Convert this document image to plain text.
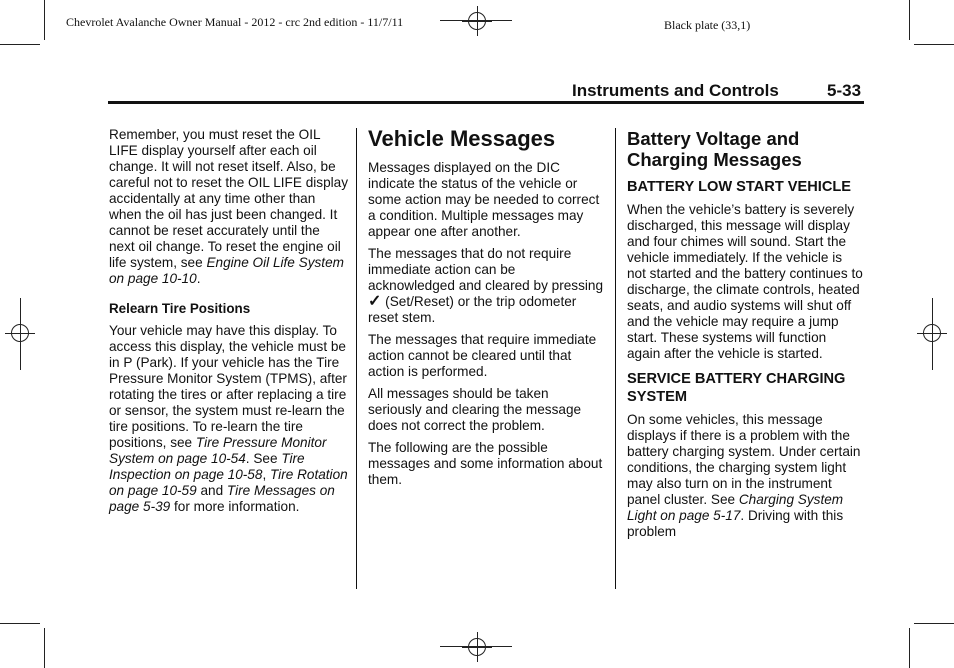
Chevrolet Avalanche Owner Manual - 2012 - crc 2nd edition - 11/7/11	Black plate (33,1)
Instruments and Controls	5-33

Remember, you must reset the OIL LIFE display yourself after each oil change. It will not reset itself. Also, be careful not to reset the OIL LIFE display accidentally at any time other than when the oil has just been changed. It cannot be reset accurately until the next oil change. To reset the engine oil life system, see Engine Oil Life System on page 10-10.

Relearn Tire Positions

Your vehicle may have this display. To access this display, the vehicle must be in P (Park). If your vehicle has the Tire Pressure Monitor System (TPMS), after rotating the tires or after replacing a tire or sensor, the system must re-learn the tire positions. To re-learn the tire positions, see Tire Pressure Monitor System on page 10-54. See Tire Inspection on page 10-58, Tire Rotation on page 10-59 and Tire Messages on page 5-39 for more information.

Vehicle Messages

Messages displayed on the DIC indicate the status of the vehicle or some action may be needed to correct a condition. Multiple messages may appear one after another.

The messages that do not require immediate action can be acknowledged and cleared by pressing ✓ (Set/Reset) or the trip odometer reset stem.

The messages that require immediate action cannot be cleared until that action is performed.

All messages should be taken seriously and clearing the message does not correct the problem.

The following are the possible messages and some information about them.

Battery Voltage and Charging Messages
BATTERY LOW START VEHICLE

When the vehicle’s battery is severely discharged, this message will display and four chimes will sound. Start the vehicle immediately. If the vehicle is not started and the battery continues to discharge, the climate controls, heated seats, and audio systems will shut off and the vehicle may require a jump start. These systems will function again after the vehicle is started.

SERVICE BATTERY CHARGING SYSTEM

On some vehicles, this message displays if there is a problem with the battery charging system. Under certain conditions, the charging system light may also turn on in the instrument panel cluster. See Charging System Light on page 5-17. Driving with this problem
